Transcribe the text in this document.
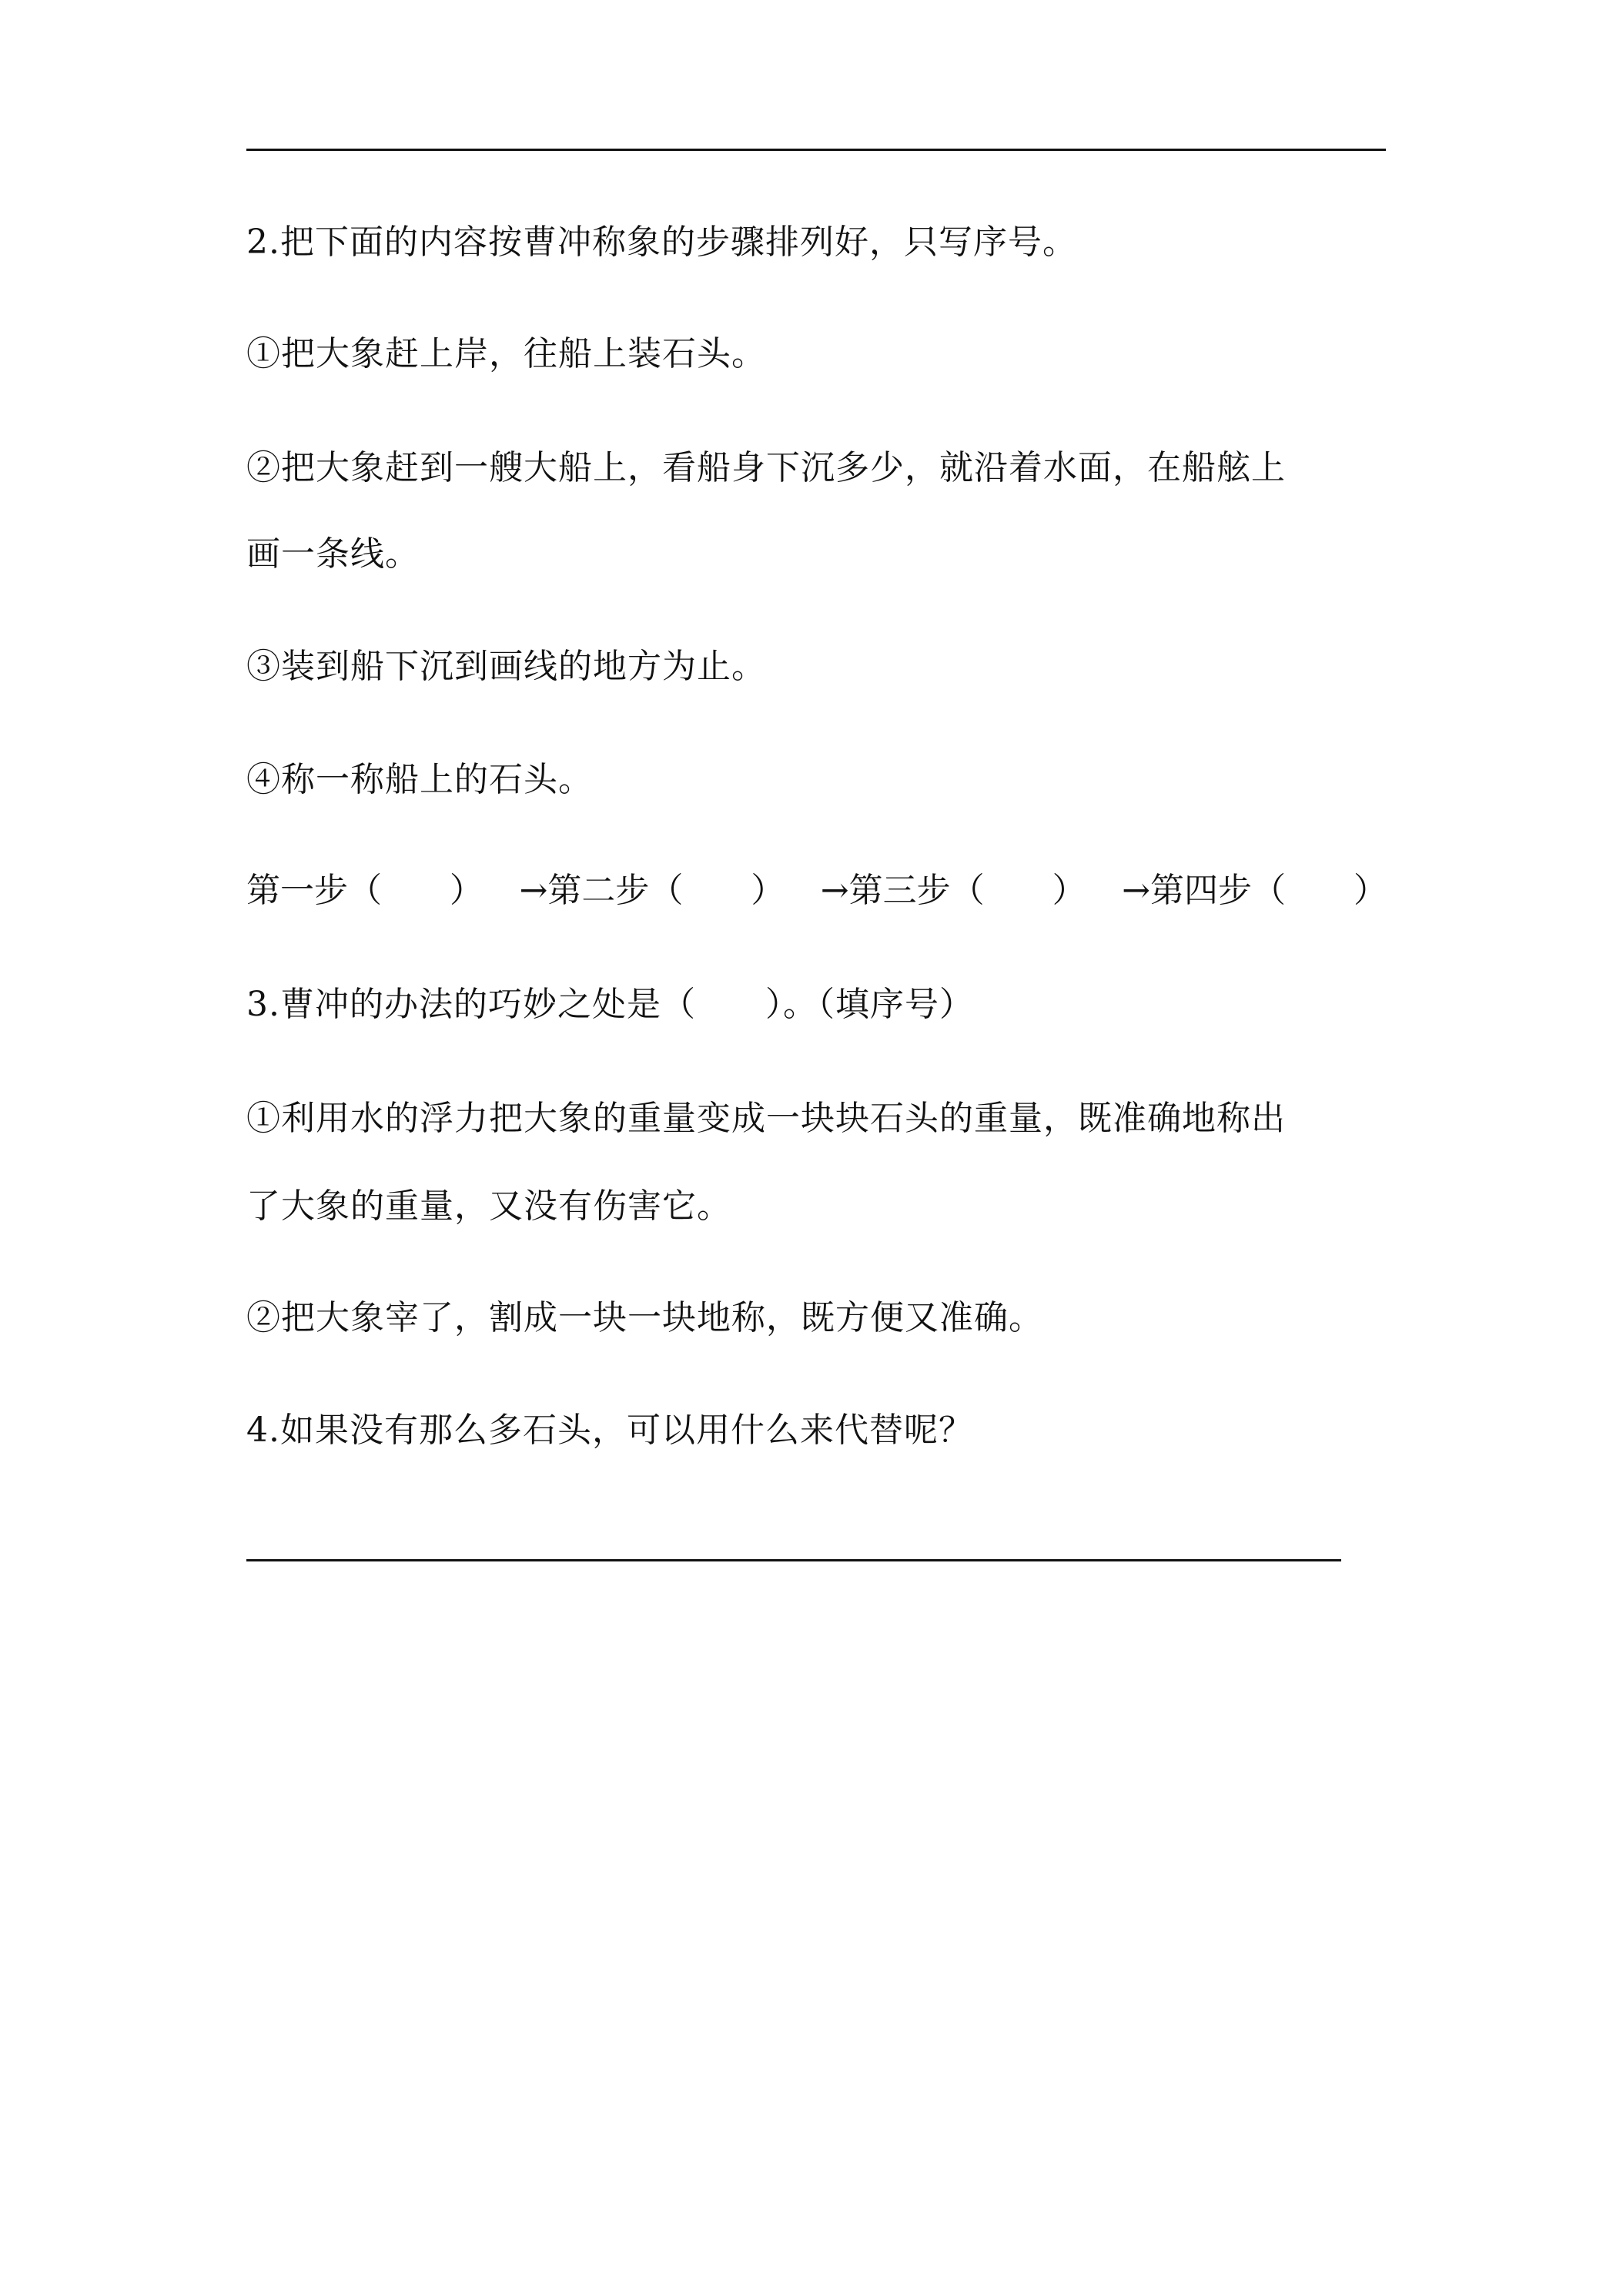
2.把下面的内容按曹冲称象的步骤排列好，只写序号。
①把大象赶上岸，往船上装石头。
②把大象赶到一艘大船上，看船身下沉多少，就沿着水面，在船舷上
画一条线。
③装到船下沉到画线的地方为止。
④称一称船上的石头。
第一步（　　） →第二步（　　） →第三步（　　） →第四步（　　）
3.曹冲的办法的巧妙之处是（　　）。（填序号）
①利用水的浮力把大象的重量变成一块块石头的重量，既准确地称出
了大象的重量，又没有伤害它。
②把大象宰了，割成一块一块地称，既方便又准确。
4.如果没有那么多石头，可以用什么来代替呢？
